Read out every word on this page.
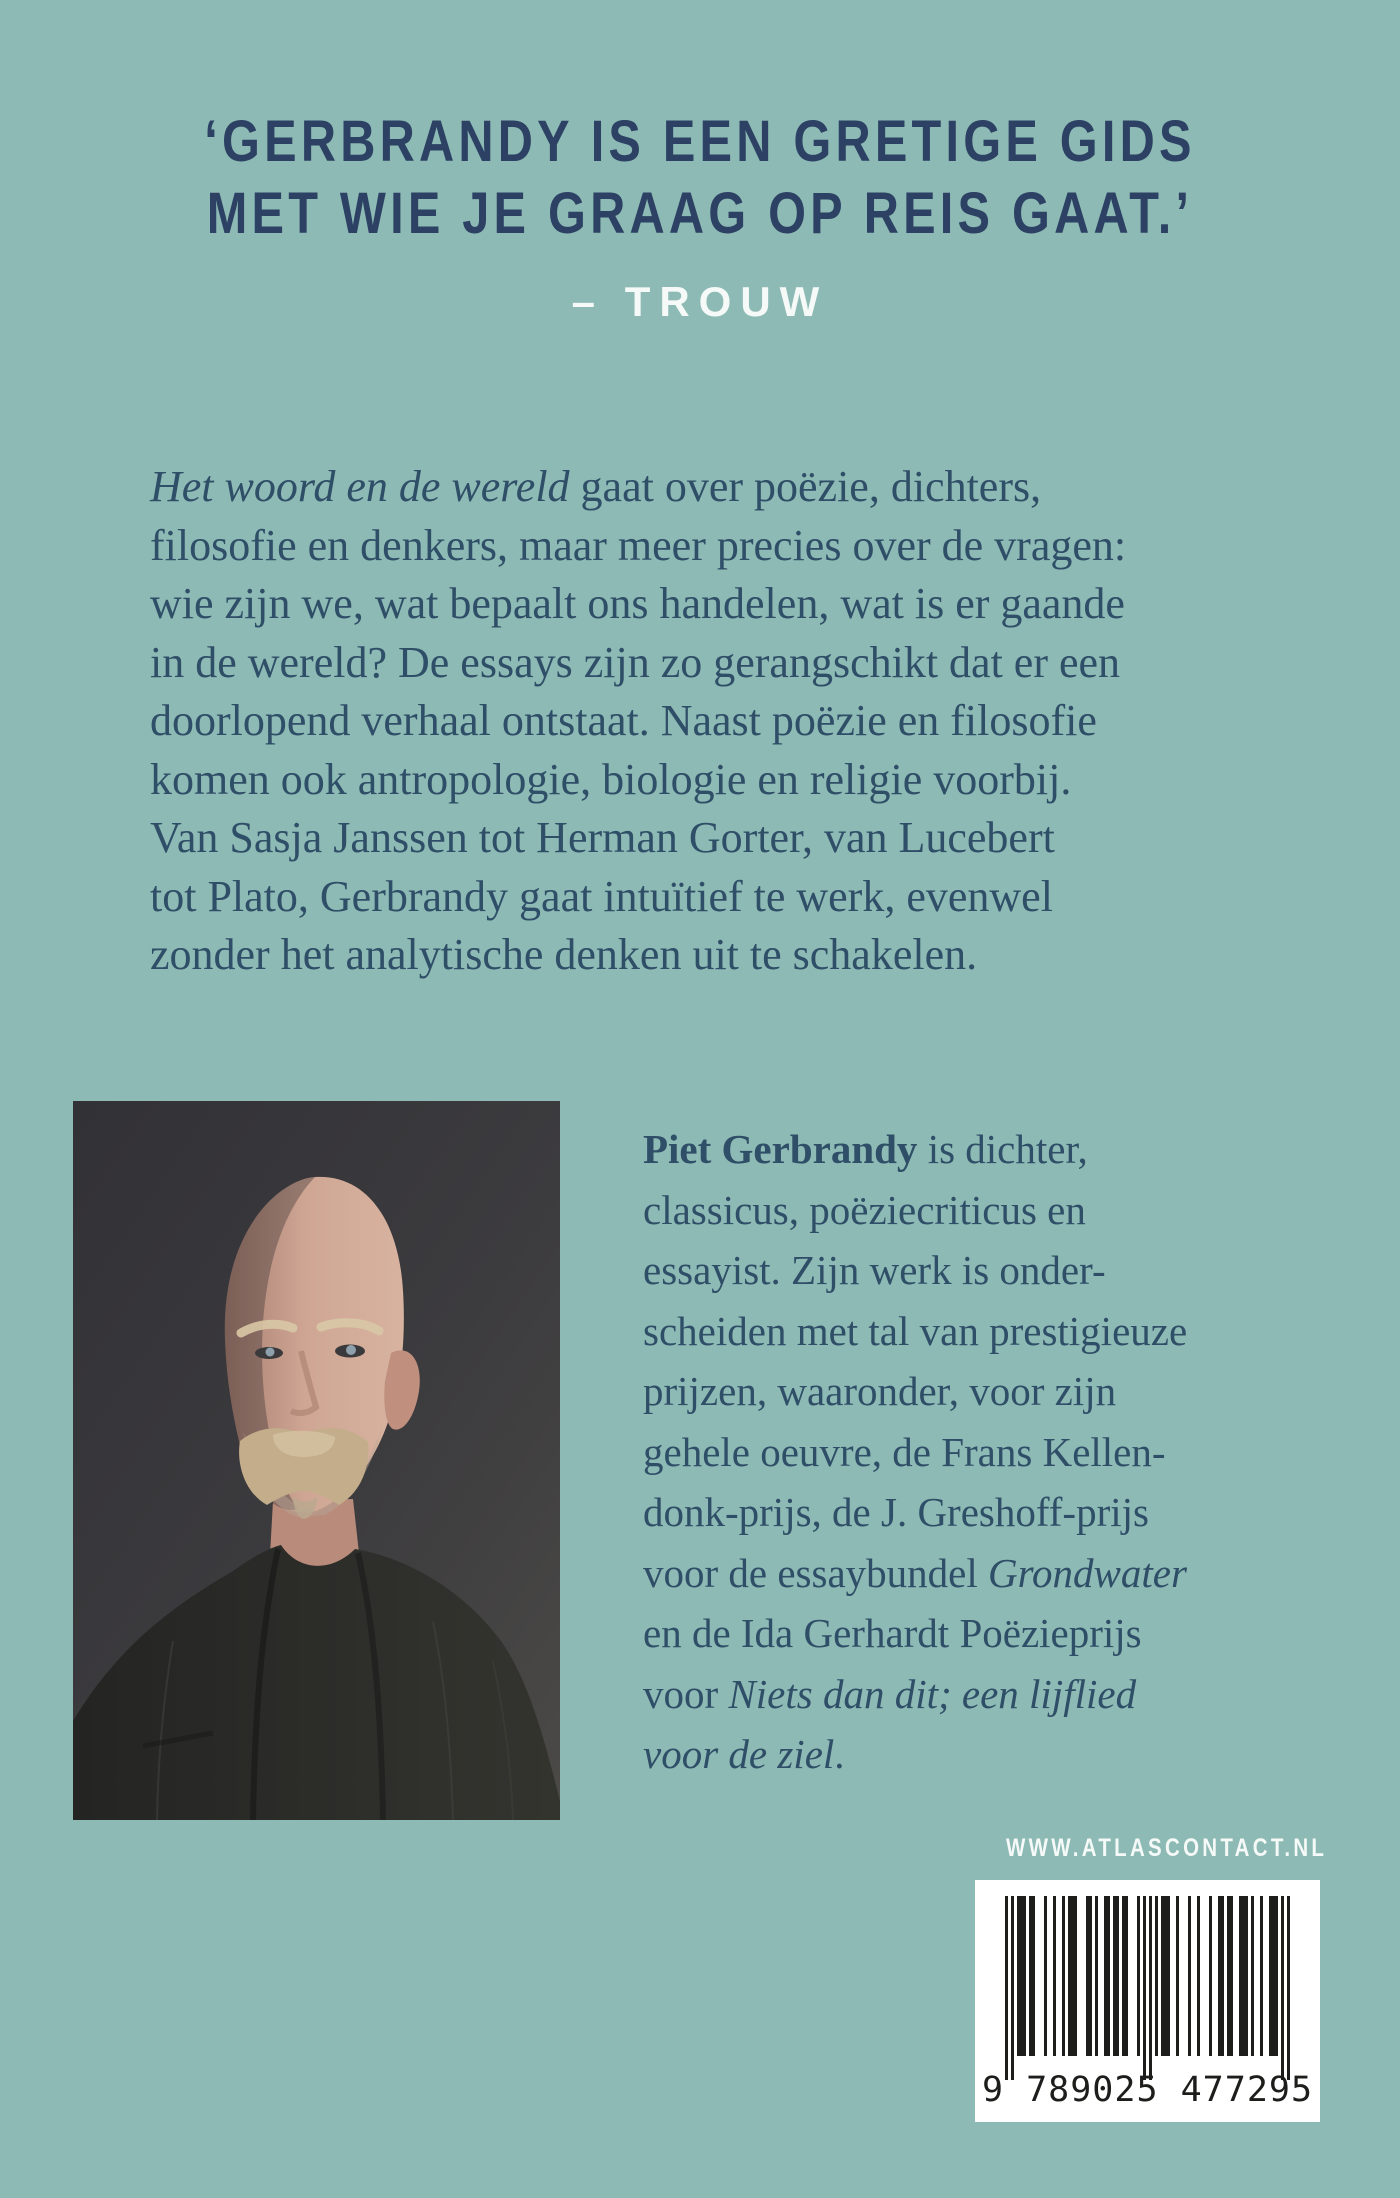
‘GERBRANDY IS EEN GRETIGE GIDS
MET WIE JE GRAAG OP REIS GAAT.’
– TROUW
Het woord en de wereld gaat over poëzie, dichters,
filosofie en denkers, maar meer precies over de vragen:
wie zijn we, wat bepaalt ons handelen, wat is er gaande
in de wereld? De essays zijn zo gerangschikt dat er een
doorlopend verhaal ontstaat. Naast poëzie en filosofie
komen ook antropologie, biologie en religie voorbij.
Van Sasja Janssen tot Herman Gorter, van Lucebert
tot Plato, Gerbrandy gaat intuïtief te werk, evenwel
zonder het analytische denken uit te schakelen.
Piet Gerbrandy is dichter,
classicus, poëziecriticus en
essayist. Zijn werk is onder-
scheiden met tal van prestigieuze
prijzen, waaronder, voor zijn
gehele oeuvre, de Frans Kellen-
donk-prijs, de J. Greshoff-prijs
voor de essaybundel Grondwater
en de Ida Gerhardt Poëzieprijs
voor Niets dan dit; een lijflied
voor de ziel.
WWW.ATLASCONTACT.NL
9 789025 477295
